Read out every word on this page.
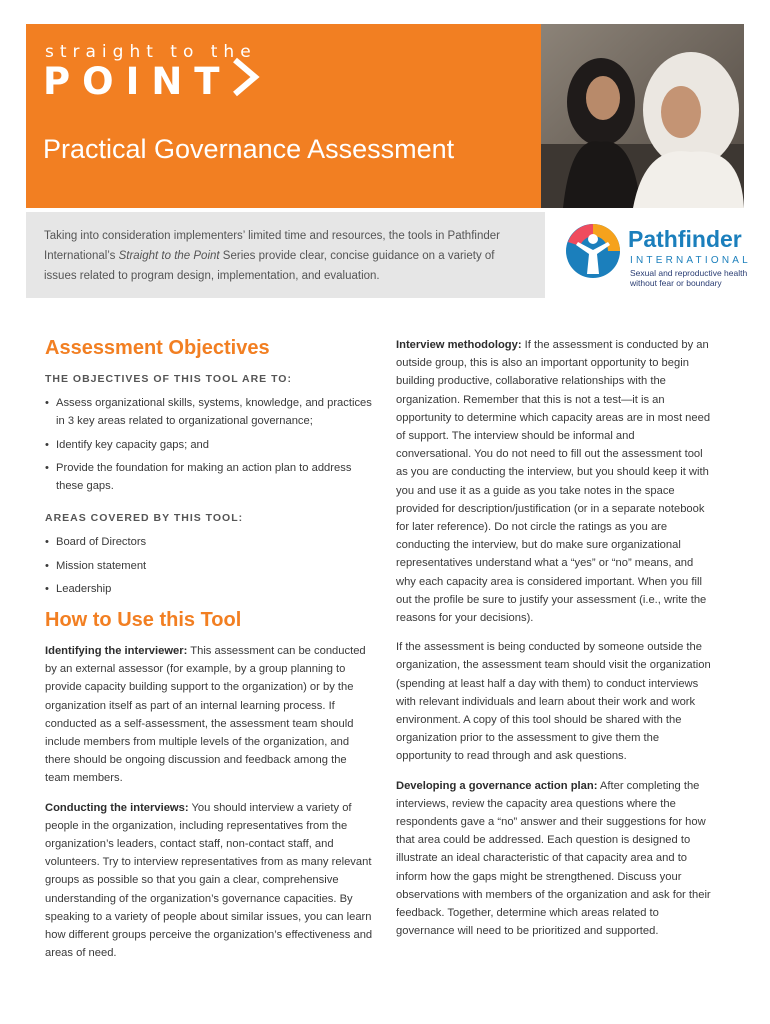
straight to the
POINT
Practical Governance Assessment

Taking into consideration implementers’ limited time and resources, the tools in Pathfinder International’s Straight to the Point Series provide clear, concise guidance on a variety of issues related to program design, implementation, and evaluation.

Pathfinder
INTERNATIONAL
Sexual and reproductive health
without fear or boundary
Assessment Objectives
THE OBJECTIVES OF THIS TOOL ARE TO:
• Assess organizational skills, systems, knowledge, and practices in 3 key areas related to organizational governance;
• Identify key capacity gaps; and
• Provide the foundation for making an action plan to address these gaps.
AREAS COVERED BY THIS TOOL:
• Board of Directors
• Mission statement
• Leadership
How to Use this Tool

Identifying the interviewer: This assessment can be conducted by an external assessor (for example, by a group planning to provide capacity building support to the organization) or by the organization itself as part of an internal learning process. If conducted as a self-assessment, the assessment team should include members from multiple levels of the organization, and there should be ongoing discussion and feedback among the team members.

Conducting the interviews: You should interview a variety of people in the organization, including representatives from the organization’s leaders, contact staff, non-contact staff, and volunteers. Try to interview representatives from as many relevant groups as possible so that you gain a clear, comprehensive understanding of the organization’s governance capacities. By speaking to a variety of people about similar issues, you can learn how different groups perceive the organization’s effectiveness and areas of need.

Interview methodology: If the assessment is conducted by an outside group, this is also an important opportunity to begin building productive, collaborative relationships with the organization. Remember that this is not a test—it is an opportunity to determine which capacity areas are in most need of support. The interview should be informal and conversational. You do not need to fill out the assessment tool as you are conducting the interview, but you should keep it with you and use it as a guide as you take notes in the space provided for description/justification (or in a separate notebook for later reference). Do not circle the ratings as you are conducting the interview, but do make sure organizational representatives understand what a “yes” or “no” means, and why each capacity area is considered important. When you fill out the profile be sure to justify your assessment (i.e., write the reasons for your decisions).

If the assessment is being conducted by someone outside the organization, the assessment team should visit the organization (spending at least half a day with them) to conduct interviews with relevant individuals and learn about their work and work environment. A copy of this tool should be shared with the organization prior to the assessment to give them the opportunity to read through and ask questions.

Developing a governance action plan: After completing the interviews, review the capacity area questions where the respondents gave a “no” answer and their suggestions for how that area could be addressed. Each question is designed to illustrate an ideal characteristic of that capacity area and to inform how the gaps might be strengthened. Discuss your observations with members of the organization and ask for their feedback. Together, determine which areas related to governance will need to be prioritized and supported.
